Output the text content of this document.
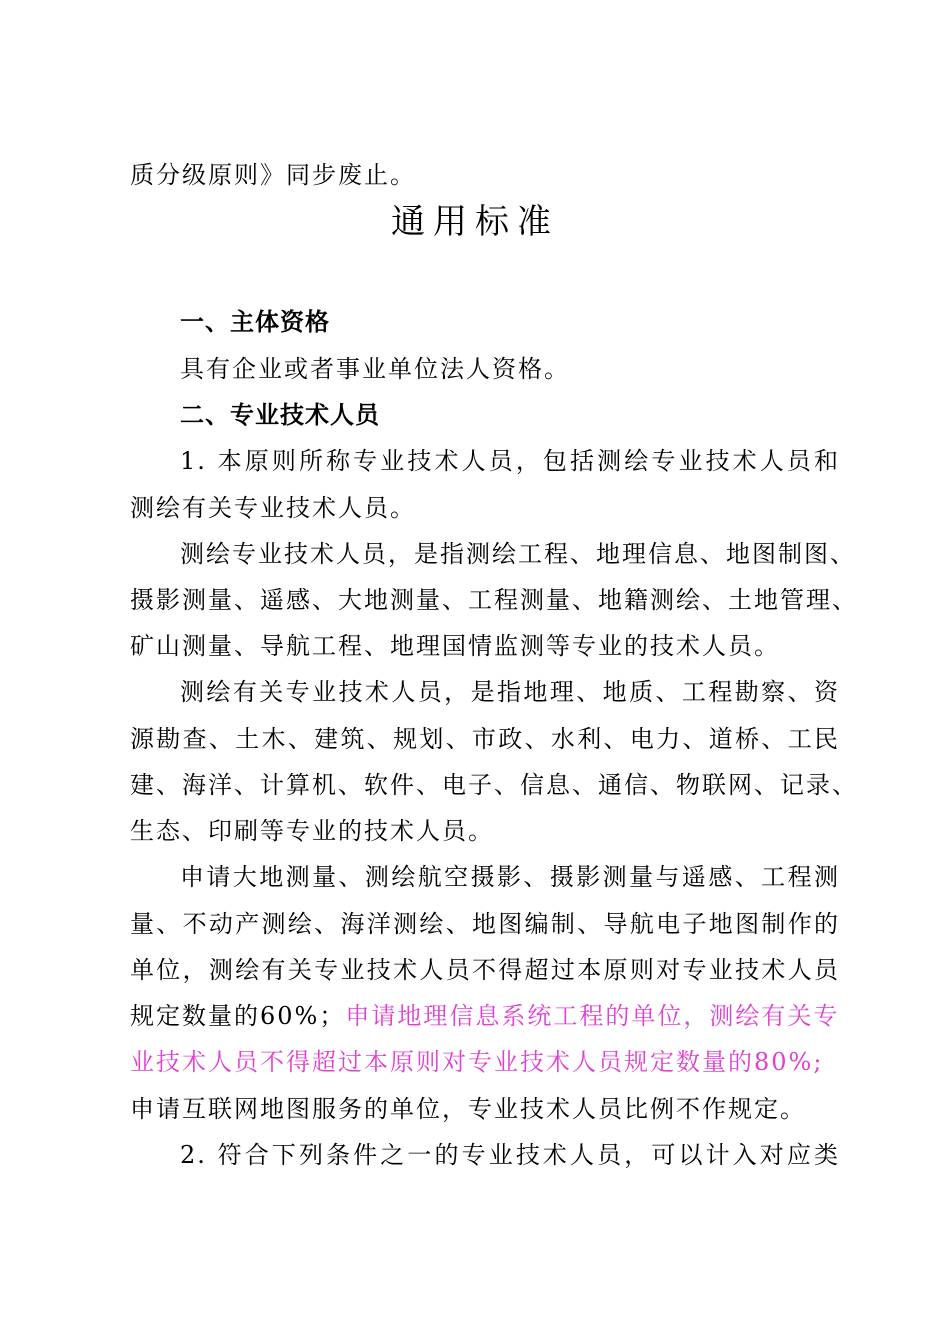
质分级原则》同步废止。
通用标准
一、主体资格
具有企业或者事业单位法人资格。
二、专业技术人员
1. 本原则所称专业技术人员，包括测绘专业技术人员和
测绘有关专业技术人员。
测绘专业技术人员，是指测绘工程、地理信息、地图制图、
摄影测量、遥感、大地测量、工程测量、地籍测绘、土地管理、
矿山测量、导航工程、地理国情监测等专业的技术人员。
测绘有关专业技术人员，是指地理、地质、工程勘察、资
源勘查、土木、建筑、规划、市政、水利、电力、道桥、工民
建、海洋、计算机、软件、电子、信息、通信、物联网、记录、
生态、印刷等专业的技术人员。
申请大地测量、测绘航空摄影、摄影测量与遥感、工程测
量、不动产测绘、海洋测绘、地图编制、导航电子地图制作的
单位，测绘有关专业技术人员不得超过本原则对专业技术人员
规定数量的60%；申请地理信息系统工程的单位，测绘有关专
业技术人员不得超过本原则对专业技术人员规定数量的80%;
申请互联网地图服务的单位，专业技术人员比例不作规定。
2. 符合下列条件之一的专业技术人员，可以计入对应类
